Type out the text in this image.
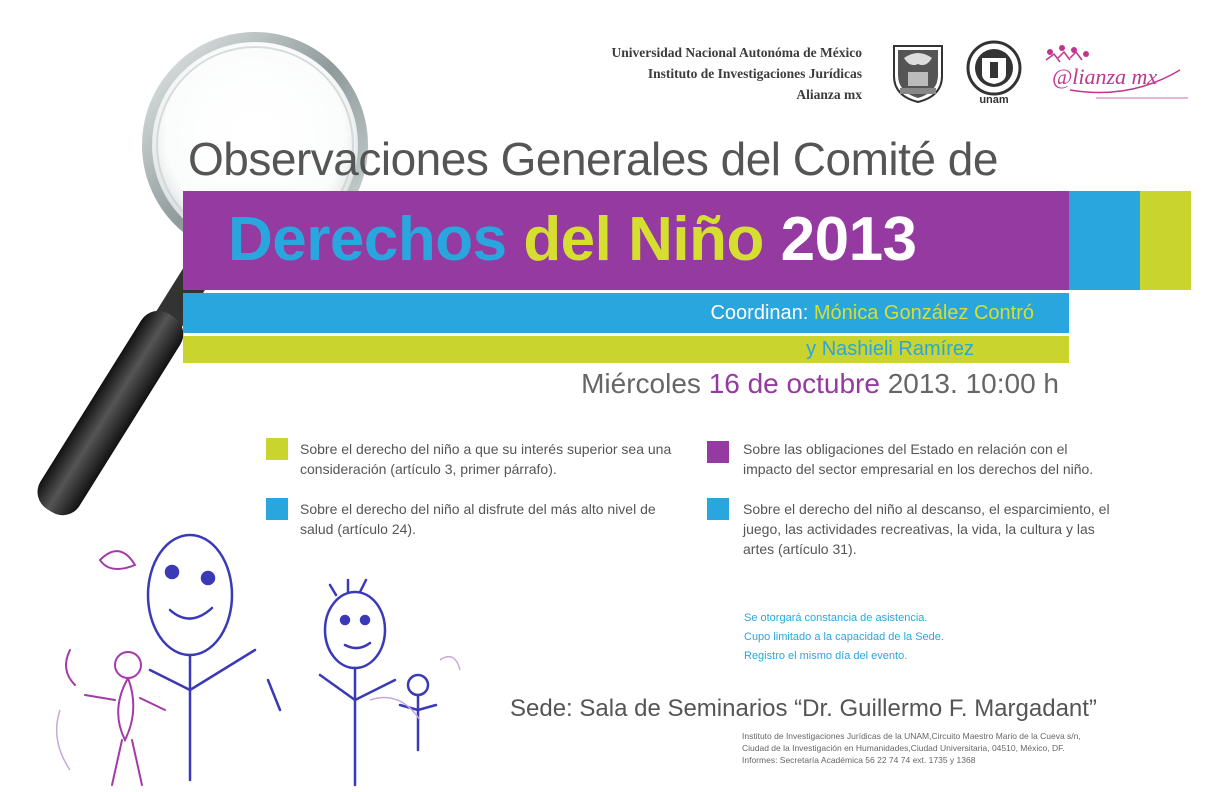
Universidad Nacional Autonóma de México
Instituto de Investigaciones Jurídicas
Alianza mx	unam
@lianza mx
Observaciones Generales del Comité de
Derechos del Niño 2013
Coordinan: Mónica González Contró
y Nashieli Ramírez
Miércoles 16 de octubre 2013. 10:00 h
Sobre el derecho del niño a que su interés superior sea una consideración (artículo 3, primer párrafo).
Sobre el derecho del niño al disfrute del más alto nivel de salud (artículo 24).
Sobre las obligaciones del Estado en relación con el impacto del sector empresarial en los derechos del niño.
Sobre el derecho del niño al descanso, el esparcimiento, el juego, las actividades recreativas, la vida, la cultura y las artes (artículo 31).
Se otorgará constancia de asistencia.
Cupo limitado a la capacidad de la Sede.
Registro el mismo día del evento.
Sede: Sala de Seminarios “Dr. Guillermo F. Margadant”
Instituto de Investigaciones Jurídicas de la UNAM,Circuito Maestro Mario de la Cueva s/n,
Ciudad de la Investigación en Humanidades,Ciudad Universitaria, 04510, México, DF.
Informes: Secretaría Académica 56 22 74 74 ext. 1735 y 1368
